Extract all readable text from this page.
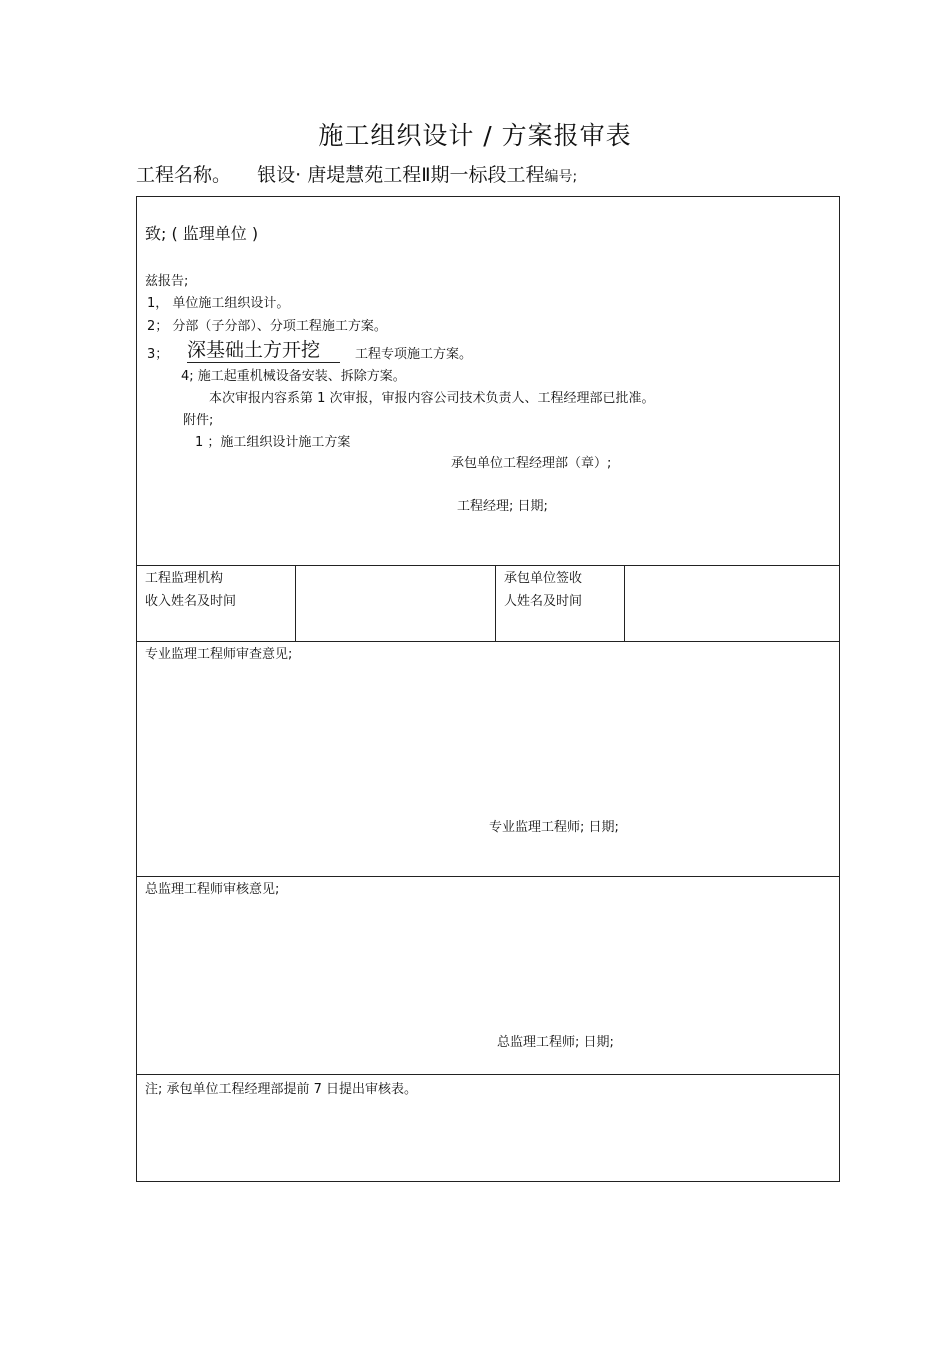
施工组织设计 / 方案报审表
工程名称。 银设· 唐堤慧苑工程Ⅱ期一标段工程编号;
致; ( 监理单位 )
兹报告;
1， 单位施工组织设计。
2； 分部（子分部）、分项工程施工方案。
3； 深基础土方开挖	工程专项施工方案。
4; 施工起重机械设备安装、拆除方案。
本次审报内容系第 1 次审报，审报内容公司技术负责人、工程经理部已批准。
附件;
1 ；施工组织设计施工方案
承包单位工程经理部（章）;
工程经理; 日期;
工程监理机构
收入姓名及时间
承包单位签收
人姓名及时间
专业监理工程师审查意见;
专业监理工程师; 日期;
总监理工程师审核意见;
总监理工程师; 日期;
注; 承包单位工程经理部提前 7 日提出审核表。
